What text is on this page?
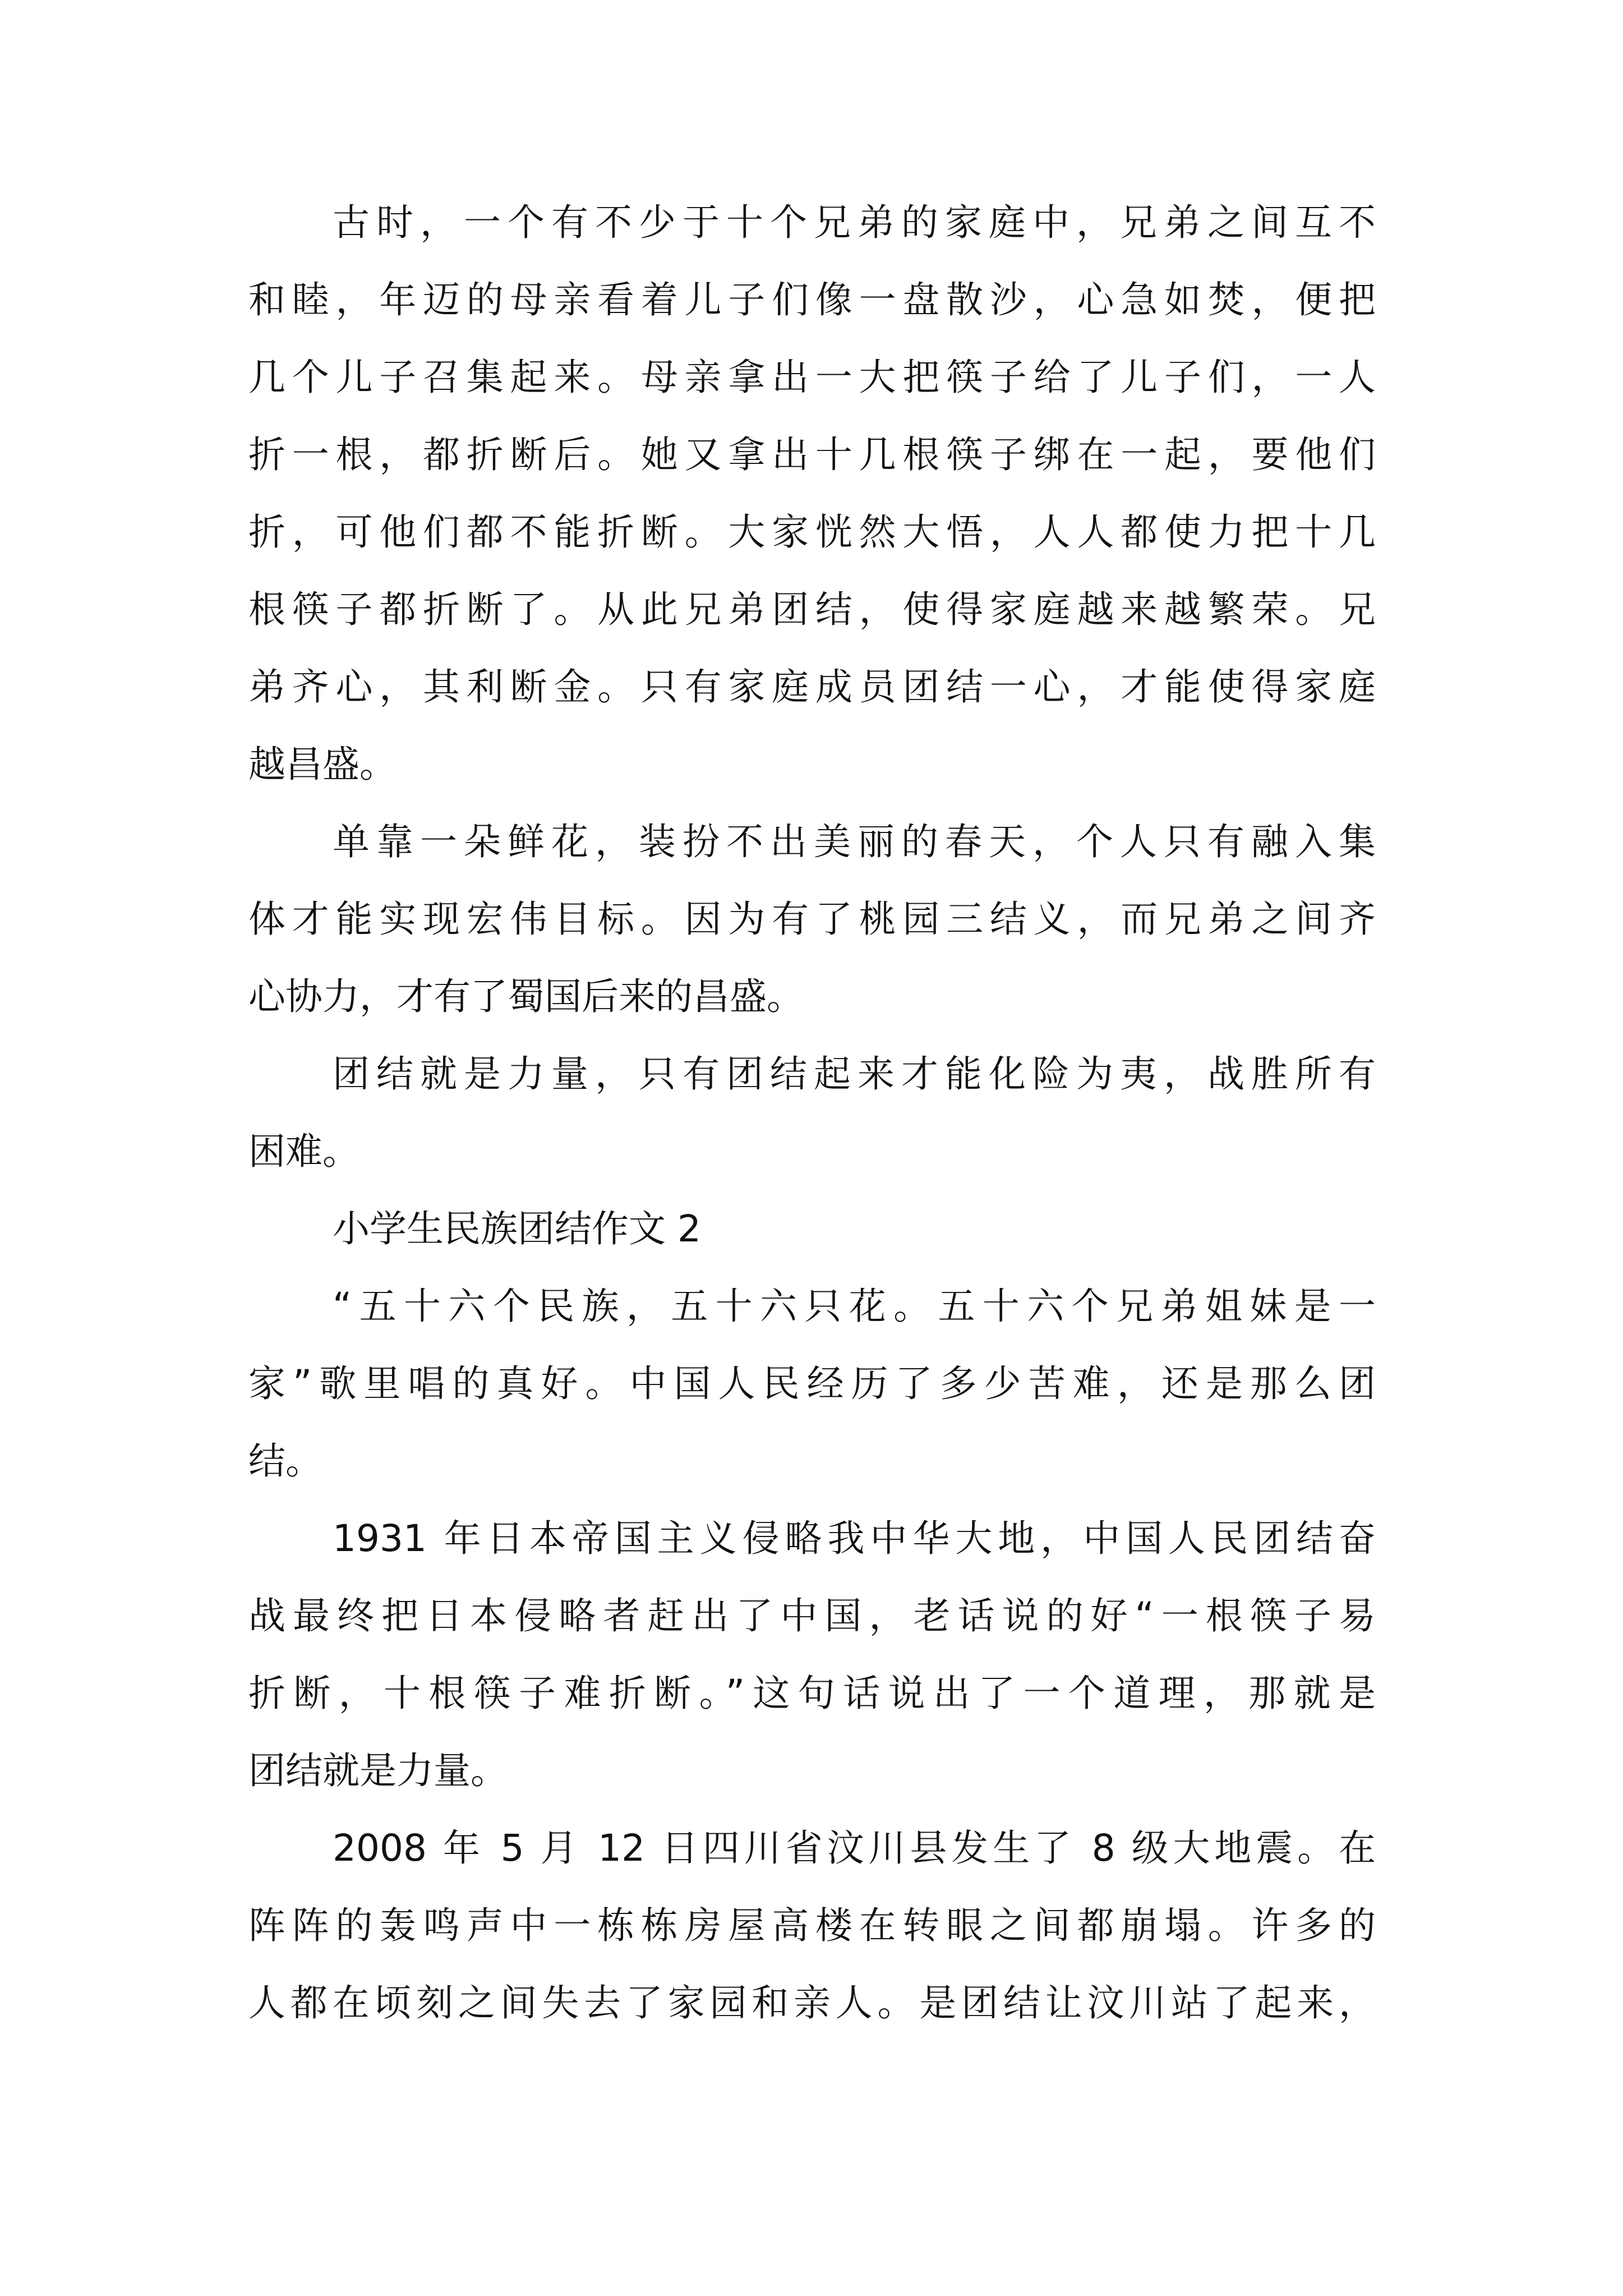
古时，一个有不少于十个兄弟的家庭中，兄弟之间互不
和睦，年迈的母亲看着儿子们像一盘散沙，心急如焚，便把
几个儿子召集起来。母亲拿出一大把筷子给了儿子们，一人
折一根，都折断后。她又拿出十几根筷子绑在一起，要他们
折，可他们都不能折断。大家恍然大悟，人人都使力把十几
根筷子都折断了。从此兄弟团结，使得家庭越来越繁荣。兄
弟齐心，其利断金。只有家庭成员团结一心，才能使得家庭
越昌盛。
单靠一朵鲜花，装扮不出美丽的春天，个人只有融入集
体才能实现宏伟目标。因为有了桃园三结义，而兄弟之间齐
心协力，才有了蜀国后来的昌盛。
团结就是力量，只有团结起来才能化险为夷，战胜所有
困难。
小学生民族团结作文 2
“五十六个民族，五十六只花。五十六个兄弟姐妹是一
家”歌里唱的真好。中国人民经历了多少苦难，还是那么团
结。
1931 年日本帝国主义侵略我中华大地，中国人民团结奋
战最终把日本侵略者赶出了中国，老话说的好“一根筷子易
折断，十根筷子难折断。”这句话说出了一个道理，那就是
团结就是力量。
2008 年 5 月 12 日四川省汶川县发生了 8 级大地震。在
阵阵的轰鸣声中一栋栋房屋高楼在转眼之间都崩塌。许多的
人都在顷刻之间失去了家园和亲人。是团结让汶川站了起来，
